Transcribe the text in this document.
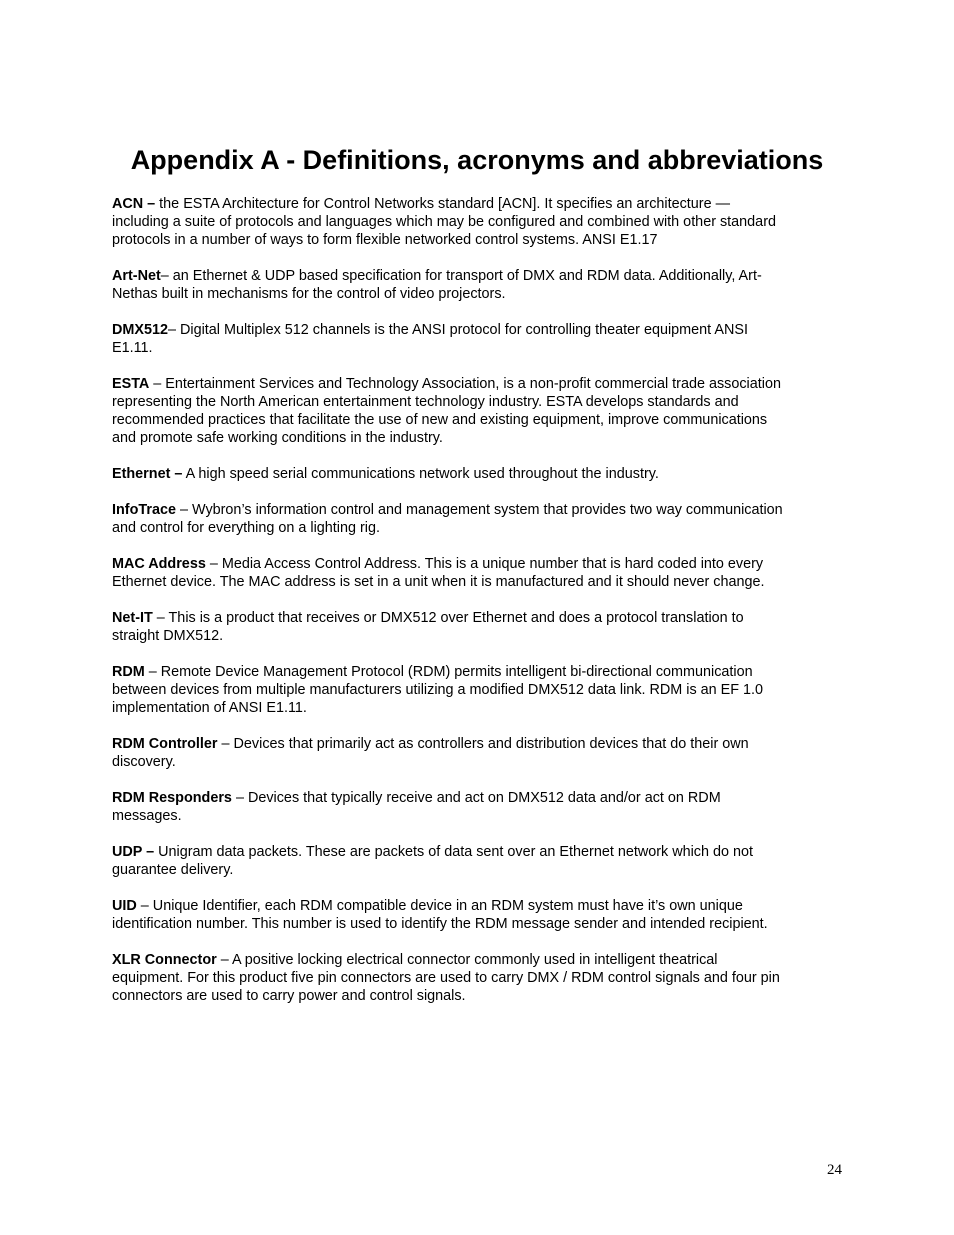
Appendix A - Definitions, acronyms and abbreviations

ACN – the ESTA Architecture for Control Networks standard [ACN]. It specifies an architecture —
including a suite of protocols and languages which may be configured and combined with other standard
protocols in a number of ways to form flexible networked control systems. ANSI E1.17

Art-Net– an Ethernet & UDP based specification for transport of DMX and RDM data. Additionally, Art-
Nethas built in mechanisms for the control of video projectors.

DMX512– Digital Multiplex 512 channels is the ANSI protocol for controlling theater equipment ANSI
E1.11.

ESTA – Entertainment Services and Technology Association, is a non-profit commercial trade association
representing the North American entertainment technology industry. ESTA develops standards and
recommended practices that facilitate the use of new and existing equipment, improve communications
and promote safe working conditions in the industry.

Ethernet – A high speed serial communications network used throughout the industry.

InfoTrace – Wybron’s information control and management system that provides two way communication
and control for everything on a lighting rig.

MAC Address – Media Access Control Address. This is a unique number that is hard coded into every
Ethernet device. The MAC address is set in a unit when it is manufactured and it should never change.

Net-IT – This is a product that receives or DMX512 over Ethernet and does a protocol translation to
straight DMX512.

RDM – Remote Device Management Protocol (RDM) permits intelligent bi-directional communication
between devices from multiple manufacturers utilizing a modified DMX512 data link. RDM is an EF 1.0
implementation of ANSI E1.11.

RDM Controller – Devices that primarily act as controllers and distribution devices that do their own
discovery.

RDM Responders – Devices that typically receive and act on DMX512 data and/or act on RDM
messages.

UDP – Unigram data packets. These are packets of data sent over an Ethernet network which do not
guarantee delivery.

UID – Unique Identifier, each RDM compatible device in an RDM system must have it’s own unique
identification number. This number is used to identify the RDM message sender and intended recipient.

XLR Connector – A positive locking electrical connector commonly used in intelligent theatrical
equipment. For this product five pin connectors are used to carry DMX / RDM control signals and four pin
connectors are used to carry power and control signals.

24
